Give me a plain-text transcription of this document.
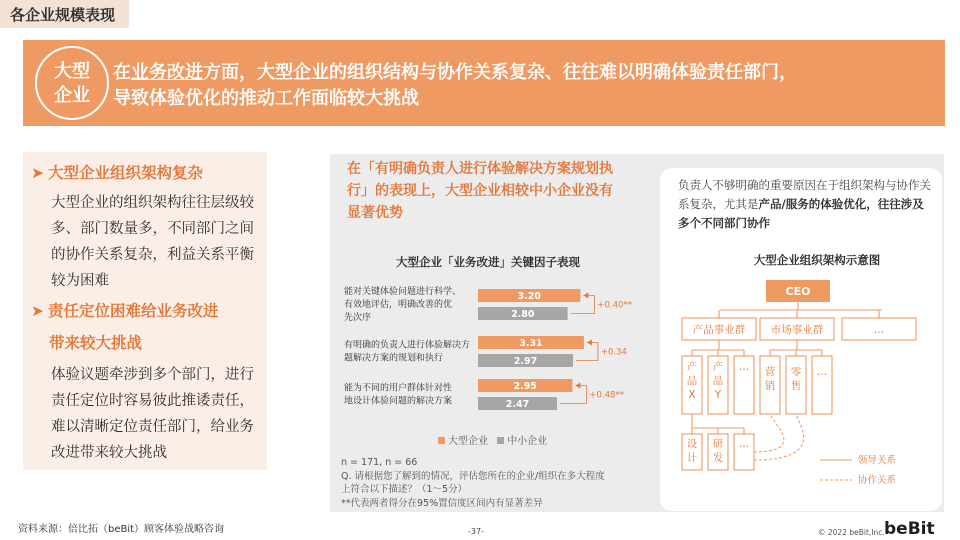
各企业规模表现
大型
企业
在业务改进方面，大型企业的组织结构与协作关系复杂、往往难以明确体验责任部门，
导致体验优化的推动工作面临较大挑战
➤ 大型企业组织架构复杂
大型企业的组织架构往往层级较多、部门数量多，不同部门之间的协作关系复杂，利益关系平衡较为困难
➤ 责任定位困难给业务改进
带来较大挑战
体验议题牵涉到多个部门，进行责任定位时容易彼此推诿责任，难以清晰定位责任部门，给业务改进带来较大挑战
在「有明确负责人进行体验解决方案规划执行」的表现上，大型企业相较中小企业没有显著优势
大型企业「业务改进」关键因子表现
能对关键体验问题进行科学、
有效地评估，明确改善的优
先次序
3.20
2.80
+0.40**
有明确的负责人进行体验解决方
题解决方案的规划和执行
3.31
2.97
+0.34
能为不同的用户群体针对性
地设计体验问题的解决方案
2.95
2.47
+0.48**
大型企业 中小企业
n = 171, n = 66
Q. 请根据您了解到的情况，评估您所在的企业/组织在多大程度
上符合以下描述？（1～5分）
**代表两者得分在95%置信度区间内有显著差异
负责人不够明确的重要原因在于组织架构与协作关系复杂，尤其是产品/服务的体验优化，往往涉及多个不同部门协作
大型企业组织架构示意图
CEO
产品事业群 市场事业群	…
产
品
X
产
品
Y
… 营
销
零
售
…
设
计
研
发
…
领导关系
协作关系
资料来源：倍比拓（beBit）顾客体验战略咨询	-37-	© 2022 beBit,Inc. beBit
